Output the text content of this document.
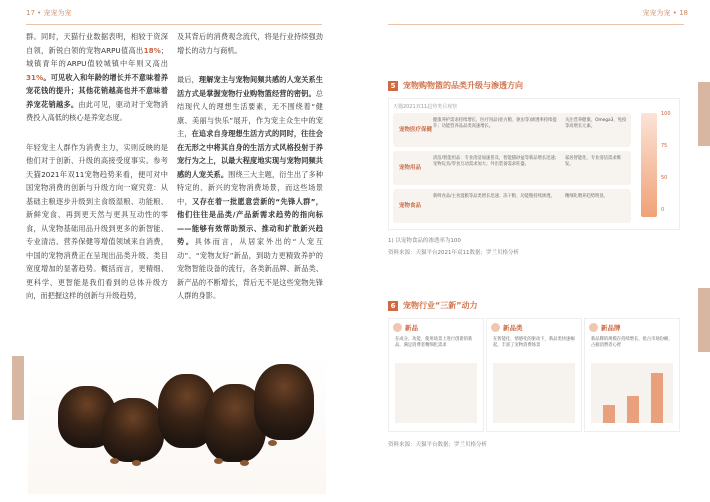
17 • 宠宠为宠	宠宠为宠 • 18

群。同时，天猫行业数据表明，相较于资深自领，新锐白领的宠物ARPU值高出18%；城镇青年的ARPU值较城镇中年则又高出31%。可见收入和年龄的增长并不意味着养宠花钱的提升；其他花销越高也并不意味着养宠花销越多。由此可见，驱动对于宠物消费投入高低的核心是养宠态度。

年轻宠主人群作为消费主力，实则反映的是他们对于创新、升级的高接受度事实。参考天猫2021年双11宠物趋势来看，便可对中国宠物消费的创新与升级方向一窥究竟：从基础主粮逐步升级到主食级湿粮、功能粮、新鲜宠食、再到更天然与更具互动性的零食，从宠物基础用品升级到更多的新智能、专业清洁、营养保健等增值领域来自消费，中国的宠物消费正在呈现出品类升级、类目宽度增加的显著趋势。概括而言，更精细、更科学、更智能是我们看到的总体升级方向，而把握这样的创新与升级趋势，

及其背后的消费观念流代，将是行业持续强劲增长的动力与商机。

最后，理解宠主与宠物间频共感的人宠关系生活方式是掌握宠物行业购物篮经营的密钥。总结现代人的理想生活要素，无不围绕着“健康、美丽与快乐”展开，作为宠主众生中的宠主，在追求自身理想生活方式的同时，往往会在无形之中将其自身的生活方式风格投射于养宠行为之上，以最大程度地实现与宠物同频共感的人宠关系。围绕三大主题，衍生出了多种特定的、新兴的宠物消费场景，而这些场景中，又存在着一批愿意尝新的“先锋人群”，他们往往是品类/产品新需求趋势的指向标——能够有效帮助预示、推动和扩散新兴趋势。具体而言，从居家外出的“人宠互动”、“宠物友好”新品，到助力更精致养护的宠物智能设备的流行，各类新品牌、新品类、新产品的不断增长，背后无不是这些宠物先锋人群的身影。

5 宠物购物篮的品类升级与渗透方向
天猫2021双11趋势类目观察
宠物医疗保健
健康养护需求持续增长，医疗用品(处方粮、驱虫等)渗透率持续提升；功能营养品品类高速增长。
关注营养健康，Omega3、免疫等高增长元素。
宠物用品
清洁/智能用品：专业清洁加速普及，智能猫砂盆等新品增长迅速；宠物玩具/零食互动需求加大；外出装备需求旺盛。
家居智能化、专业清洁需求爆发。
宠物食品
新鲜食品/主食湿粮等品类增长迅速；冻干粮、功能粮持续渗透。	精细化喂养趋势明显。
100
75
50
0
1) 以宠物食品的渗透率为100
资料来源：天猫平台2021年双11数据；罗兰贝格分析
6 宠物行业“三新”动力
新品
在成分、功能、使用场景上进行创新的新品，满足消费者精细化需求
新品类
在智能化、情感化的驱动下，新品类快速崛起，丰富了宠物消费场景
新品牌
新品牌的规模在持续增长，抢占市场份额，占据消费者心智
资料来源：天猫平台数据；罗兰贝格分析
